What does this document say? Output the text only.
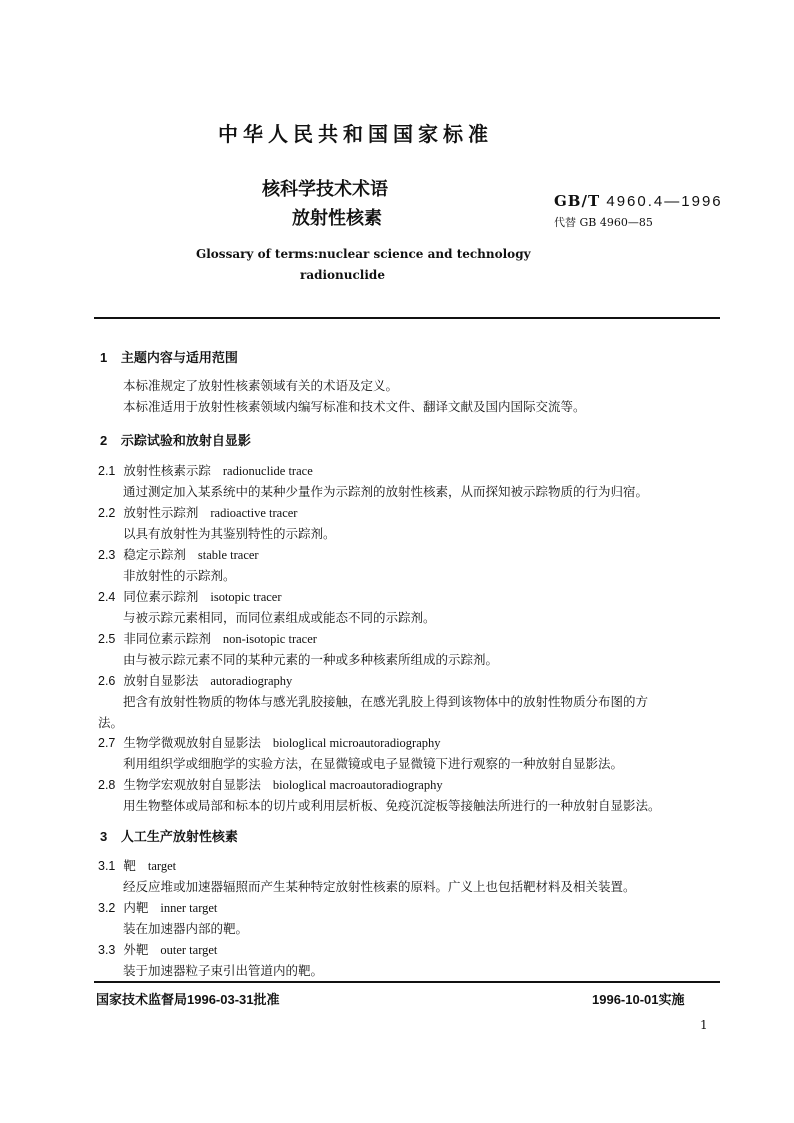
中华人民共和国国家标准
核科学技术术语
放射性核素
GB/T 4960.4—1996
代替 GB 4960—85
Glossary of terms:nuclear science and technology
radionuclide
1 主题内容与适用范围
本标准规定了放射性核素领域有关的术语及定义。
本标准适用于放射性核素领域内编写标准和技术文件、翻译文献及国内国际交流等。
2 示踪试验和放射自显影
2.1 放射性核素示踪 radionuclide trace
通过测定加入某系统中的某种少量作为示踪剂的放射性核素，从而探知被示踪物质的行为归宿。
2.2 放射性示踪剂 radioactive tracer
以具有放射性为其鉴别特性的示踪剂。
2.3 稳定示踪剂 stable tracer
非放射性的示踪剂。
2.4 同位素示踪剂 isotopic tracer
与被示踪元素相同，而同位素组成或能态不同的示踪剂。
2.5 非同位素示踪剂 non-isotopic tracer
由与被示踪元素不同的某种元素的一种或多种核素所组成的示踪剂。
2.6 放射自显影法 autoradiography
把含有放射性物质的物体与感光乳胶接触，在感光乳胶上得到该物体中的放射性物质分布图的方
法。
2.7 生物学微观放射自显影法 biologlical microautoradiography
利用组织学或细胞学的实验方法，在显微镜或电子显微镜下进行观察的一种放射自显影法。
2.8 生物学宏观放射自显影法 biologlical macroautoradiography
用生物整体或局部和标本的切片或利用层析板、免疫沉淀板等接触法所进行的一种放射自显影法。
3 人工生产放射性核素
3.1 靶 target
经反应堆或加速器辐照而产生某种特定放射性核素的原料。广义上也包括靶材料及相关装置。
3.2 内靶 inner target
装在加速器内部的靶。
3.3 外靶 outer target
装于加速器粒子束引出管道内的靶。
国家技术监督局1996-03-31批准	1996-10-01实施
1
